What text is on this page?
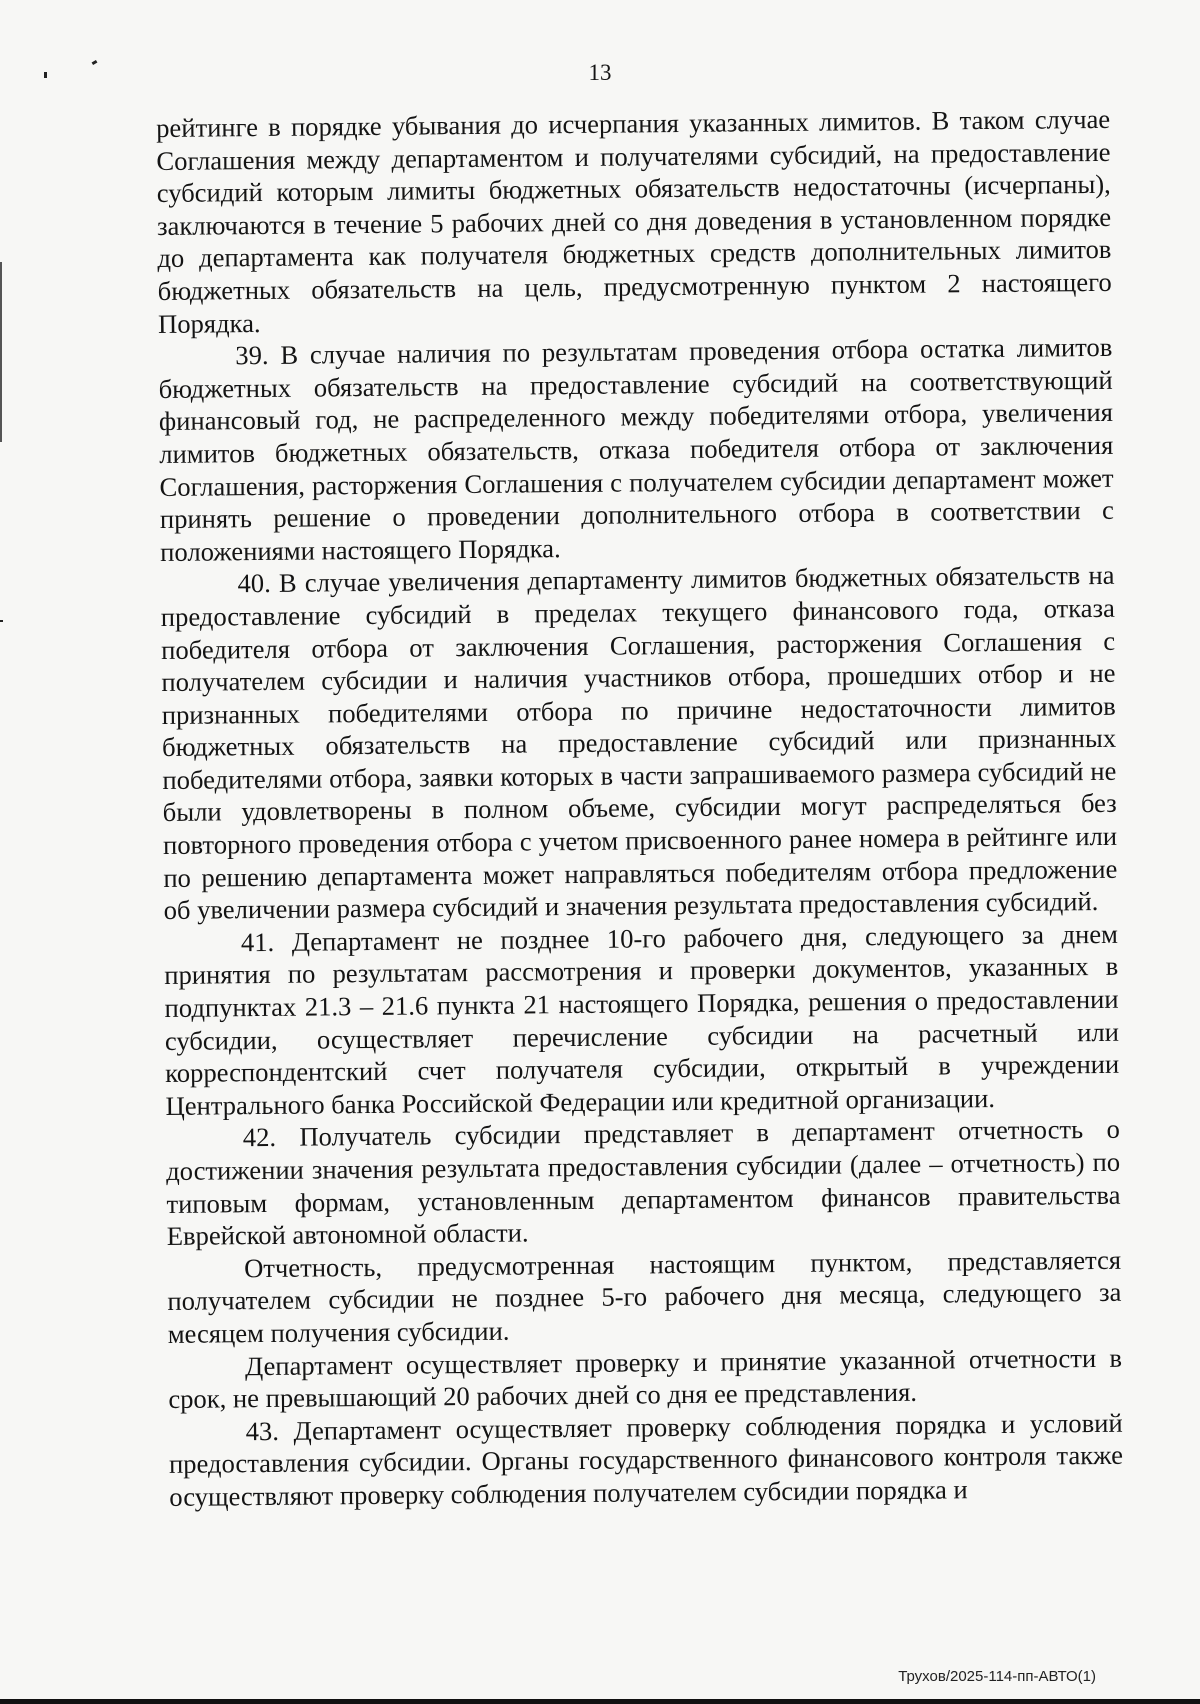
13

рейтинге в порядке убывания до исчерпания указанных лимитов. В таком случае Соглашения между департаментом и получателями субсидий, на предоставление субсидий которым лимиты бюджетных обязательств недостаточны (исчерпаны), заключаются в течение 5 рабочих дней со дня доведения в установленном порядке до департамента как получателя бюджетных средств дополнительных лимитов бюджетных обязательств на цель, предусмотренную пунктом 2 настоящего Порядка.

39. В случае наличия по результатам проведения отбора остатка лимитов бюджетных обязательств на предоставление субсидий на соответствующий финансовый год, не распределенного между победителями отбора, увеличения лимитов бюджетных обязательств, отказа победителя отбора от заключения Соглашения, расторжения Соглашения с получателем субсидии департамент может принять решение о проведении дополнительного отбора в соответствии с положениями настоящего Порядка.

40. В случае увеличения департаменту лимитов бюджетных обязательств на предоставление субсидий в пределах текущего финансового года, отказа победителя отбора от заключения Соглашения, расторжения Соглашения с получателем субсидии и наличия участников отбора, прошедших отбор и не признанных победителями отбора по причине недостаточности лимитов бюджетных обязательств на предоставление субсидий или признанных победителями отбора, заявки которых в части запрашиваемого размера субсидий не были удовлетворены в полном объеме, субсидии могут распределяться без повторного проведения отбора с учетом присвоенного ранее номера в рейтинге или по решению департамента может направляться победителям отбора предложение об увеличении размера субсидий и значения результата предоставления субсидий.

41. Департамент не позднее 10-го рабочего дня, следующего за днем принятия по результатам рассмотрения и проверки документов, указанных в подпунктах 21.3 – 21.6 пункта 21 настоящего Порядка, решения о предоставлении субсидии, осуществляет перечисление субсидии на расчетный или корреспондентский счет получателя субсидии, открытый в учреждении Центрального банка Российской Федерации или кредитной организации.

42. Получатель субсидии представляет в департамент отчетность о достижении значения результата предоставления субсидии (далее – отчетность) по типовым формам, установленным департаментом финансов правительства Еврейской автономной области.

Отчетность, предусмотренная настоящим пунктом, представляется получателем субсидии не позднее 5-го рабочего дня месяца, следующего за месяцем получения субсидии.

Департамент осуществляет проверку и принятие указанной отчетности в срок, не превышающий 20 рабочих дней со дня ее представления.

43. Департамент осуществляет проверку соблюдения порядка и условий предоставления субсидии. Органы государственного финансового контроля также осуществляют проверку соблюдения получателем субсидии порядка и

Трухов/2025-114-пп-АВТО(1)
